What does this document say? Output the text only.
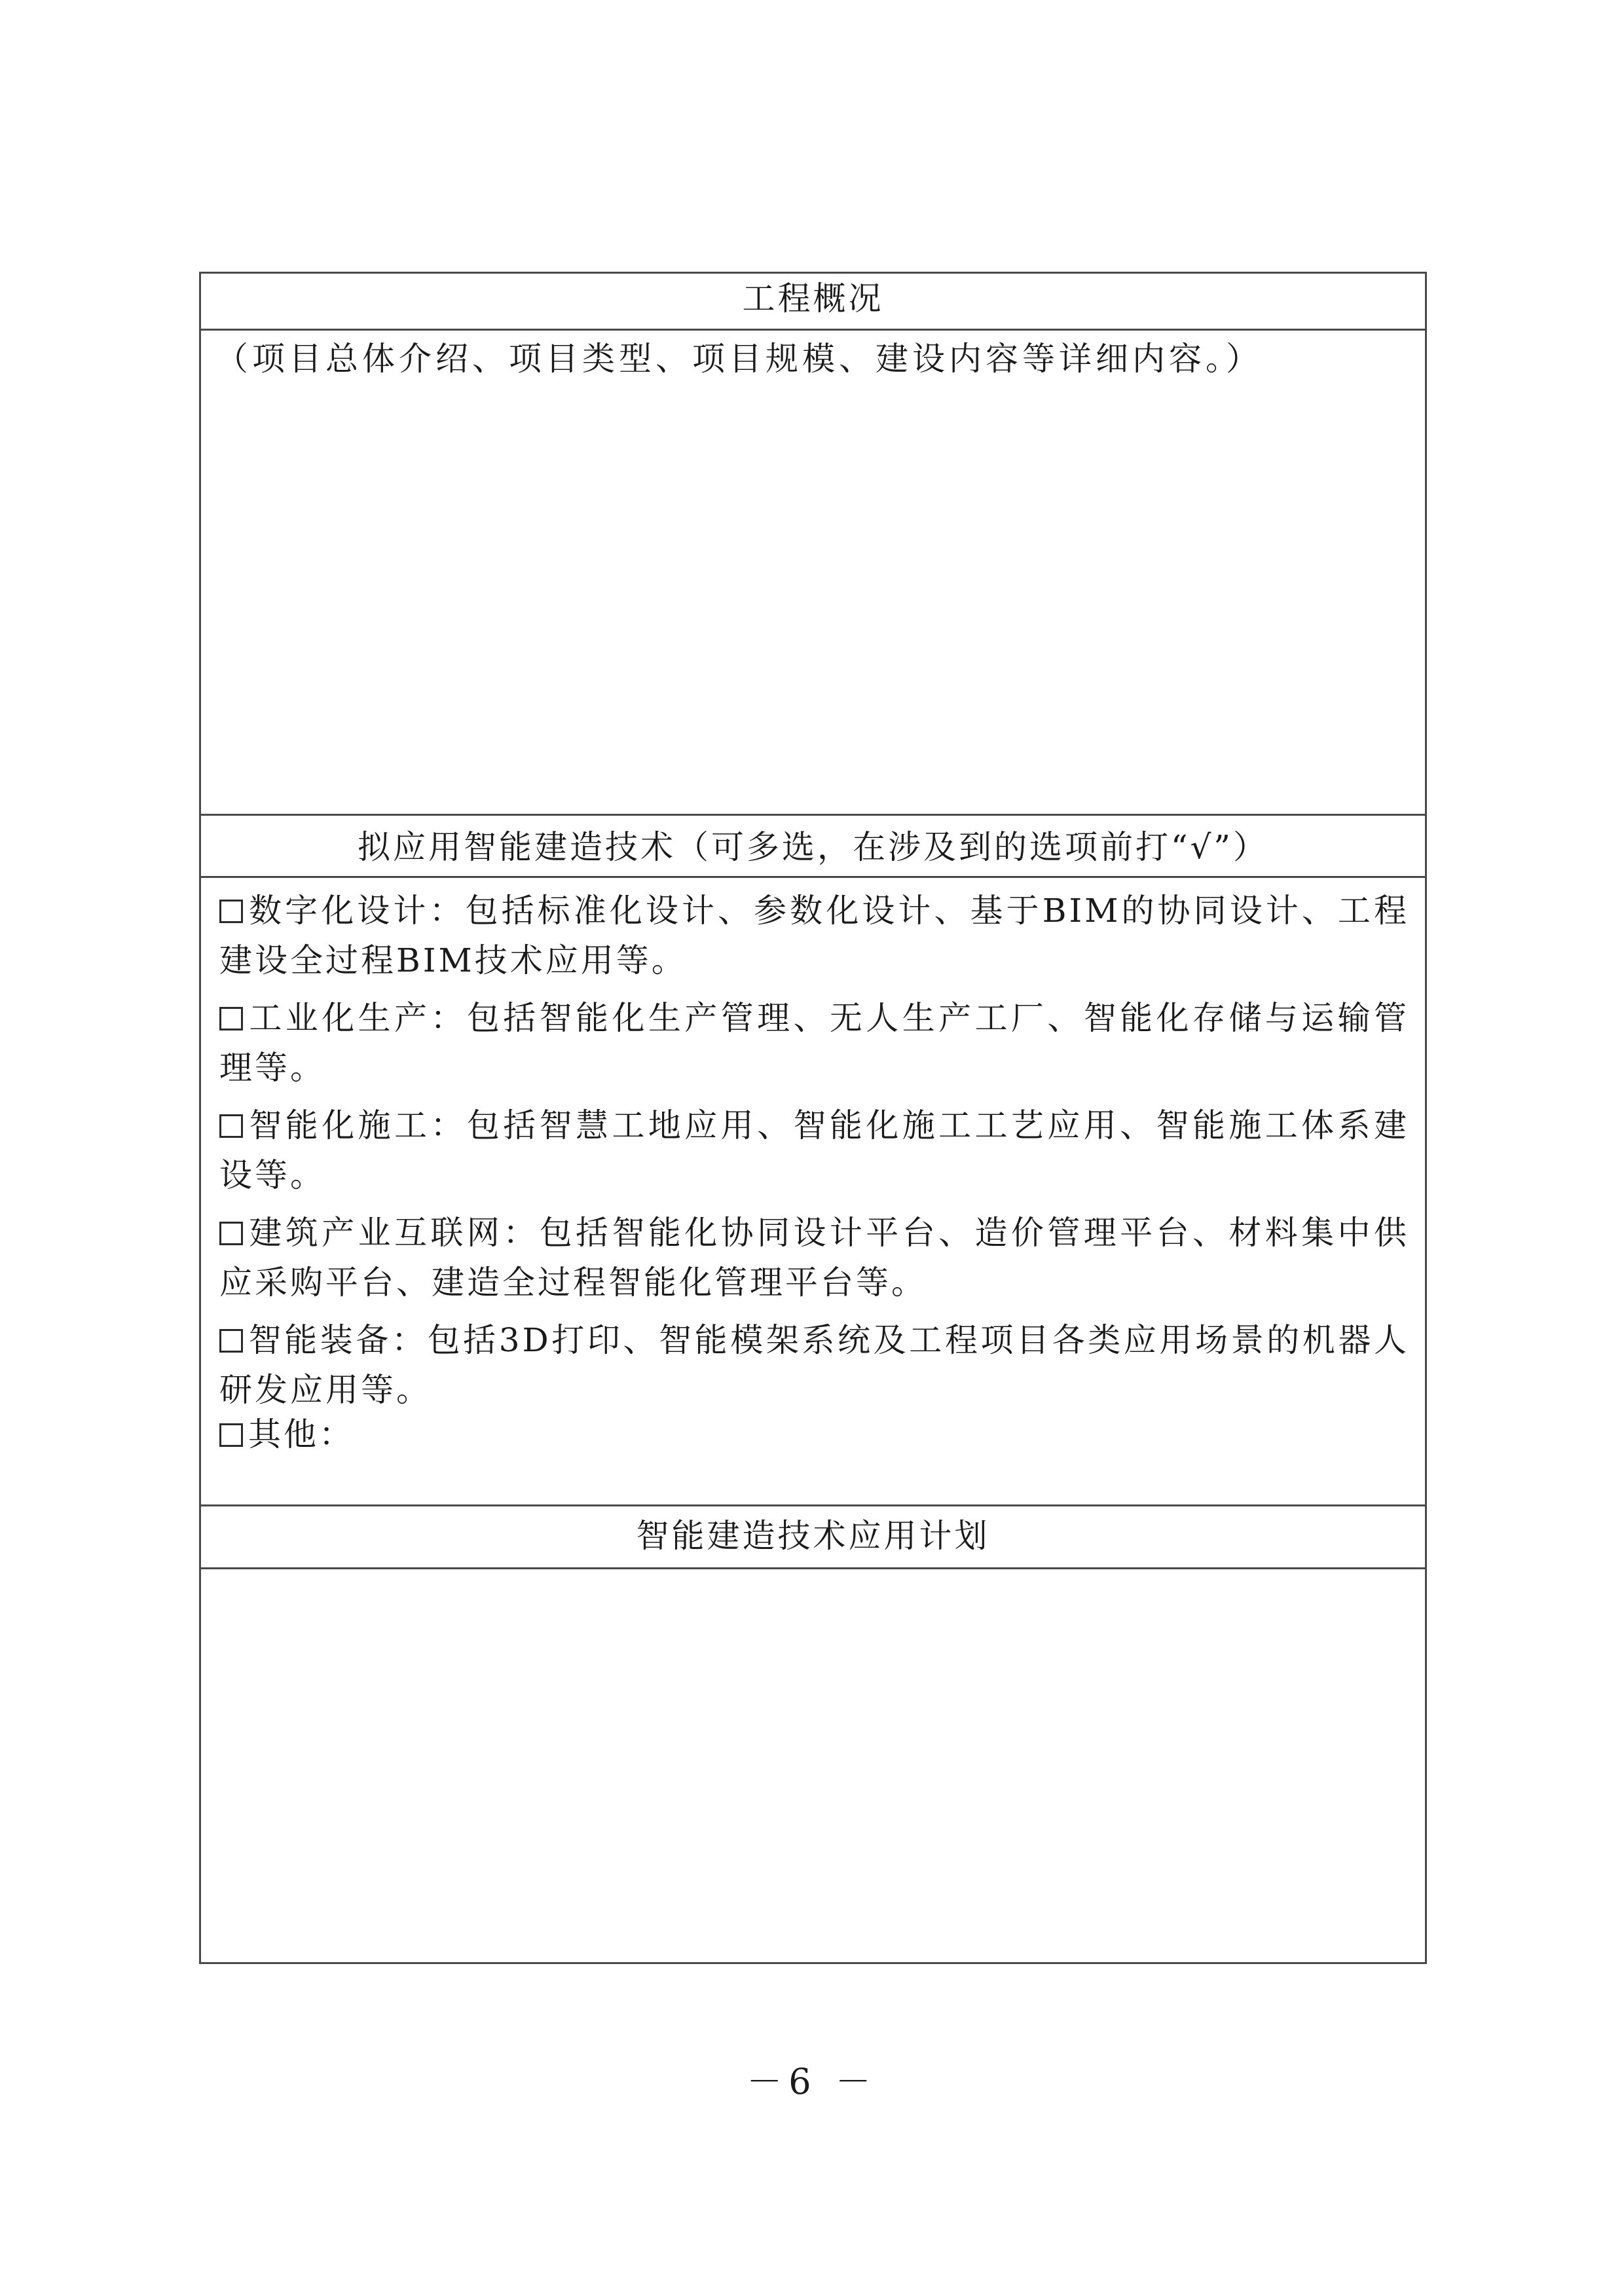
工程概况
（项目总体介绍、项目类型、项目规模、建设内容等详细内容。）
拟应用智能建造技术（可多选，在涉及到的选项前打“√”）
数字化设计：包括标准化设计、参数化设计、基于BIM的协同设计、工程建设全过程BIM技术应用等。
工业化生产：包括智能化生产管理、无人生产工厂、智能化存储与运输管理等。
智能化施工：包括智慧工地应用、智能化施工工艺应用、智能施工体系建设等。
建筑产业互联网：包括智能化协同设计平台、造价管理平台、材料集中供应采购平台、建造全过程智能化管理平台等。
智能装备：包括3D打印、智能模架系统及工程项目各类应用场景的机器人研发应用等。
其他：
智能建造技术应用计划
－6 －
